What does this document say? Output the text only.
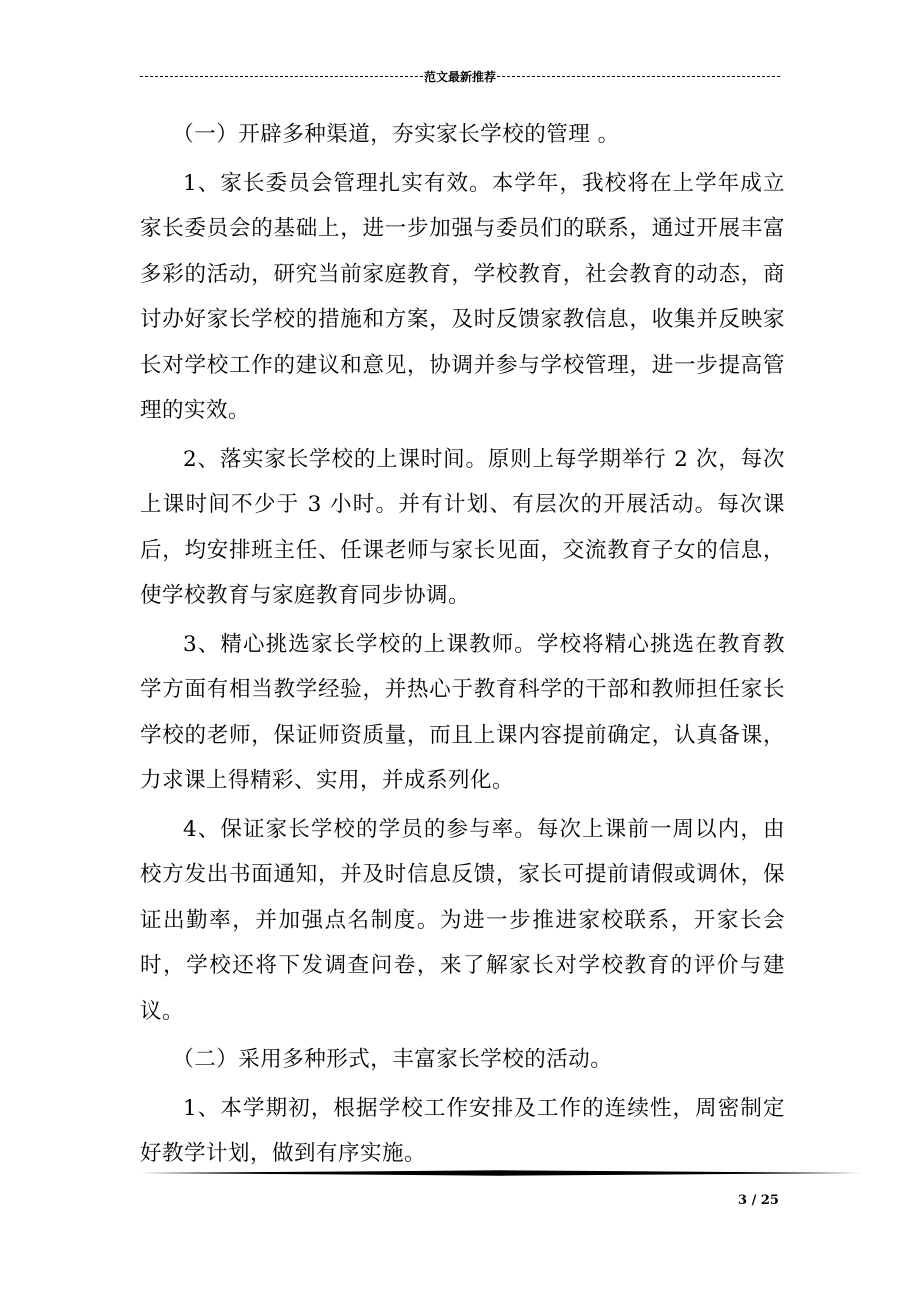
范文最新推荐

（一）开辟多种渠道，夯实家长学校的管理 。

1、家长委员会管理扎实有效。本学年，我校将在上学年成立家长委员会的基础上，进一步加强与委员们的联系，通过开展丰富多彩的活动，研究当前家庭教育，学校教育，社会教育的动态，商讨办好家长学校的措施和方案，及时反馈家教信息，收集并反映家长对学校工作的建议和意见，协调并参与学校管理，进一步提高管理的实效。

2、落实家长学校的上课时间。原则上每学期举行 2 次，每次上课时间不少于 3 小时。并有计划、有层次的开展活动。每次课后，均安排班主任、任课老师与家长见面，交流教育子女的信息，使学校教育与家庭教育同步协调。

3、精心挑选家长学校的上课教师。学校将精心挑选在教育教学方面有相当教学经验，并热心于教育科学的干部和教师担任家长学校的老师，保证师资质量，而且上课内容提前确定，认真备课，力求课上得精彩、实用，并成系列化。

4、保证家长学校的学员的参与率。每次上课前一周以内，由校方发出书面通知，并及时信息反馈，家长可提前请假或调休，保证出勤率，并加强点名制度。为进一步推进家校联系，开家长会时，学校还将下发调查问卷，来了解家长对学校教育的评价与建议。

（二）采用多种形式，丰富家长学校的活动。

1、本学期初，根据学校工作安排及工作的连续性，周密制定好教学计划，做到有序实施。

3 / 25
